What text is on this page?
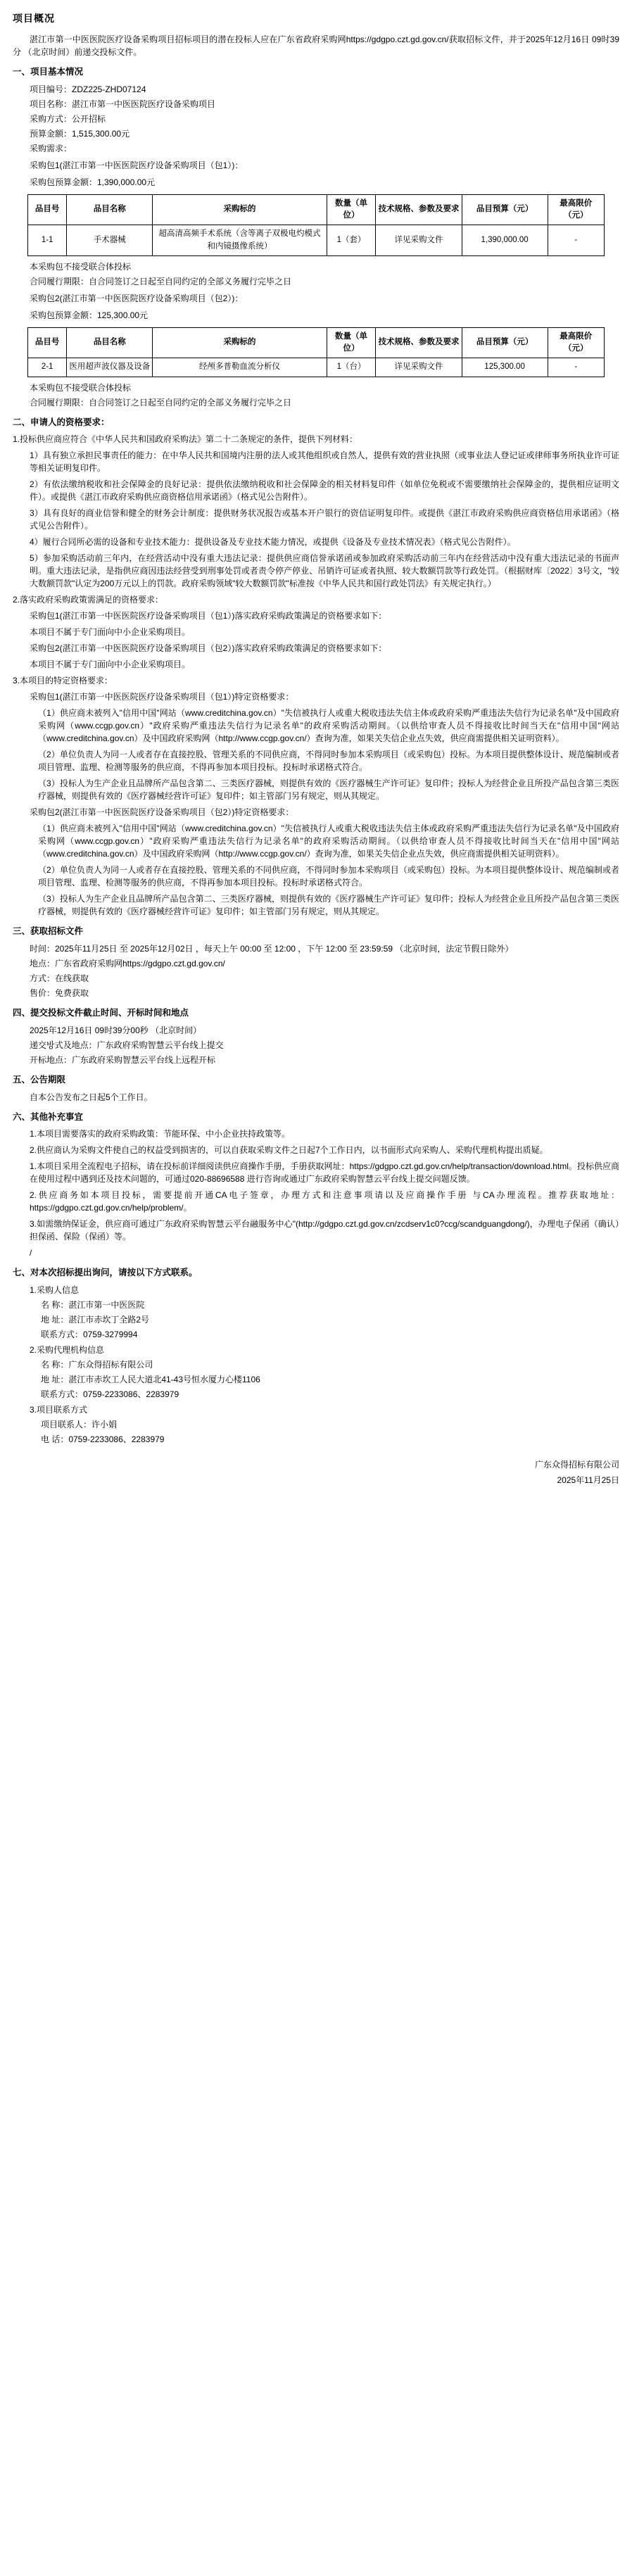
项目概况

湛江市第一中医医院医疗设备采购项目招标项目的潜在投标人应在广东省政府采购网https://gdgpo.czt.gd.gov.cn/获取招标文件，并于2025年12月16日 09时39分 （北京时间）前递交投标文件。

一、项目基本情况
项目编号：ZDZ225-ZHD07124
项目名称：湛江市第一中医医院医疗设备采购项目
采购方式：公开招标
预算金额：1,515,300.00元
采购需求：
采购包1(湛江市第一中医医院医疗设备采购项目（包1）)：
采购包预算金额：1,390,000.00元
品目号	品目名称	采购标的	数量（单位）	技术规格、参数及要求	品目预算（元）	最高限价（元）
1-1	手术器械	超高清高频手术系统（含等离子双极电灼模式和内镜摄像系统）	1（套）	详见采购文件	1,390,000.00	-
本采购包不接受联合体投标
合同履行期限：自合同签订之日起至自同约定的全部义务履行完毕之日
采购包2(湛江市第一中医医院医疗设备采购项目（包2）)：
采购包预算金额：125,300.00元
品目号	品目名称	采购标的	数量（单位）	技术规格、参数及要求	品目预算（元）	最高限价（元）
2-1	医用超声波仪器及设备	经颅多普勒血流分析仪	1（台）	详见采购文件	125,300.00	-
本采购包不接受联合体投标
合同履行期限：自合同签订之日起至自同约定的全部义务履行完毕之日
二、申请人的资格要求：
1.投标供应商应符合《中华人民共和国政府采购法》第二十二条规定的条件，提供下列材料：
1）具有独立承担民事责任的能力：在中华人民共和国境内注册的法人或其他组织或自然人，提供有效的营业执照（或事业法人登记证或律师事务所执业许可证等相关证明复印件。
2）有依法缴纳税收和社会保障金的良好记录：提供依法缴纳税收和社会保障金的相关材料复印件（如单位免税或不需要缴纳社会保障金的，提供相应证明文件）。或提供《湛江市政府采购供应商资格信用承诺函》（格式见公告附件）。
3）具有良好的商业信誉和健全的财务会计制度：提供财务状况报告或基本开户银行的资信证明复印件。或提供《湛江市政府采购供应商资格信用承诺函》（格式见公告附件）。
4）履行合同所必需的设备和专业技术能力：提供设备及专业技术能力情况，或提供《设备及专业技术情况表》（格式见公告附件）。
5）参加采购活动前三年内，在经营活动中没有重大违法记录：提供供应商信誉承诺函或参加政府采购活动前三年内在经营活动中没有重大违法记录的书面声明。重大违法记录，是指供应商因违法经营受到刑事处罚或者责令停产停业、吊销许可证或者执照、较大数额罚款等行政处罚。（根据财库〔2022〕3号文，"较大数额罚款"认定为200万元以上的罚款。政府采购领域"较大数额罚款"标准按《中华人民共和国行政处罚法》有关规定执行。）
2.落实政府采购政策需满足的资格要求：
采购包1(湛江市第一中医医院医疗设备采购项目（包1）)落实政府采购政策满足的资格要求如下：
本项目不属于专门面向中小企业采购项目。
采购包2(湛江市第一中医医院医疗设备采购项目（包2）)落实政府采购政策满足的资格要求如下：
本项目不属于专门面向中小企业采购项目。
3.本项目的特定资格要求：
采购包1(湛江市第一中医医院医疗设备采购项目（包1）)特定资格要求：
（1）供应商未被列入"信用中国"网站（www.creditchina.gov.cn）"失信被执行人或重大税收违法失信主体或政府采购严重违法失信行为记录名单"及中国政府采购网（www.ccgp.gov.cn）"政府采购严重违法失信行为记录名单"的政府采购活动期间。（以供给审查人员不得接收比时间当天在"信用中国"网站（www.creditchina.gov.cn）及中国政府采购网（http://www.ccgp.gov.cn/）查询为准，如果关失信企业点失效，供应商需提供相关证明资料）。
（2）单位负责人为同一人或者存在直接控股、管理关系的不同供应商，不得同时参加本采购项目（或采购包）投标。为本项目提供整体设计、规范编制或者项目管理、监理、检测等服务的供应商，不得再参加本项目投标。投标时承诺格式符合。
（3）投标人为生产企业且品牌所产品包含第二、三类医疗器械，则提供有效的《医疗器械生产许可证》复印件；投标人为经营企业且所投产品包含第三类医疗器械，则提供有效的《医疗器械经营许可证》复印件；如主管部门另有规定，则从其规定。
采购包2(湛江市第一中医医院医疗设备采购项目（包2）)特定资格要求：
（1）供应商未被列入"信用中国"网站（www.creditchina.gov.cn）"失信被执行人或重大税收违法失信主体或政府采购严重违法失信行为记录名单"及中国政府采购网（www.ccgp.gov.cn）"政府采购严重违法失信行为记录名单"的政府采购活动期间。（以供给审查人员不得接收比时间当天在"信用中国"网站（www.creditchina.gov.cn）及中国政府采购网（http://www.ccgp.gov.cn/）查询为准，如果关失信企业点失效，供应商需提供相关证明资料）。
（2）单位负责人为同一人或者存在直接控股、管理关系的不同供应商，不得同时参加本采购项目（或采购包）投标。为本项目提供整体设计、规范编制或者项目管理、监理、检测等服务的供应商，不得再参加本项目投标。投标时承诺格式符合。
（3）投标人为生产企业且品牌所产品包含第二、三类医疗器械，则提供有效的《医疗器械生产许可证》复印件；投标人为经营企业且所投产品包含第三类医疗器械，则提供有效的《医疗器械经营许可证》复印件；如主管部门另有规定，则从其规定。
三、获取招标文件
时间：2025年11月25日 至 2025年12月02日 ，每天上午 00:00 至 12:00 ，下午 12:00 至 23:59:59 （北京时间，法定节假日除外）
地点：广东省政府采购网https://gdgpo.czt.gd.gov.cn/
方式：在线获取
售价：免费获取
四、提交投标文件截止时间、开标时间和地点
2025年12月16日 09时39分00秒 （北京时间）
递交방式及地点：广东政府采购智慧云平台线上提交
开标地点：广东政府采购智慧云平台线上远程开标
五、公告期限
自本公告发布之日起5个工作日。
六、其他补充事宜
1.本项目需要落实的政府采购政策：节能环保、中小企业扶持政策等。
2.供应商认为采购文件使自己的权益受到损害的，可以自获取采购文件之日起7个工作日内，以书面形式向采购人、采购代理机构提出质疑。
1.本项目采用全流程电子招标，请在投标前详细阅读供应商操作手册，手册获取网址：https://gdgpo.czt.gd.gov.cn/help/transaction/download.html。投标供应商在使用过程中遇到还及技术问题的，可通过020-88696588 进行咨询或通过广东政府采购智慧云平台线上提交问题反馈。
2.供应商务如本项目投标，需要提前开通CA电子签章，办理方式和注意事项请以及应商操作手册 与CA办理流程。推荐获取地址：https://gdgpo.czt.gd.gov.cn/help/problem/。
3.如需缴纳保证金，供应商可通过广东政府采购智慧云平台融服务中心"(http://gdgpo.czt.gd.gov.cn/zcdserv1c0?ccg/scandguangdong/)，办理电子保函（确认）担保函、保险（保函）等。
/
七、对本次招标提出询问，请按以下方式联系。
1.采购人信息
名 称：湛江市第一中医医院
地 址：湛江市赤坎丁全路2号
联系方式：0759-3279994
2.采购代理机构信息
名 称：广东众得招标有限公司
地 址：湛江市赤坎工人民大道北41-43号恒水厦力心楼1106
联系方式：0759-2233086、2283979
3.项目联系方式
项目联系人：许小娟
电 话：0759-2233086、2283979
广东众得招标有限公司
2025年11月25日
